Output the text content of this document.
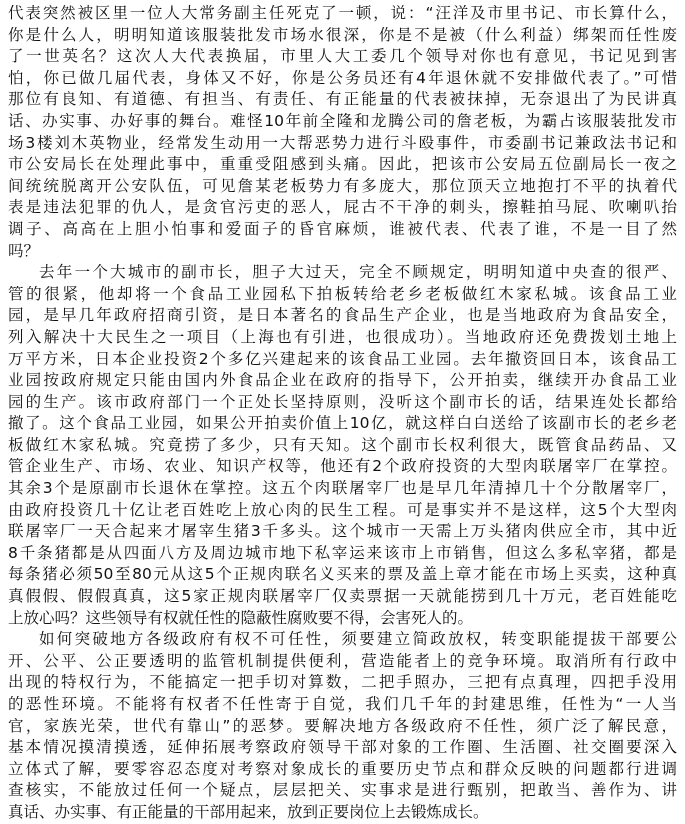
代表突然被区里一位人大常务副主任死克了一顿，说：“汪洋及市里书记、市长算什么，
你是什么人，明明知道该服装批发市场水很深，你是不是被（什么利益）绑架而任性废
了一世英名？这次人大代表换届，市里人大工委几个领导对你也有意见，书记见到害
怕，你已做几届代表，身体又不好，你是公务员还有4年退休就不安排做代表了。”可惜
那位有良知、有道德、有担当、有责任、有正能量的代表被抹掉，无奈退出了为民讲真
话、办实事、办好事的舞台。难怪10年前全隆和龙腾公司的詹老板，为霸占该服装批发市
场3楼刘木英物业，经常发生动用一大帮恶势力进行斗殴事件，市委副书记兼政法书记和
市公安局长在处理此事中，重重受阻感到头痛。因此，把该市公安局五位副局长一夜之
间统统脱离开公安队伍，可见詹某老板势力有多庞大，那位顶天立地抱打不平的执着代
表是违法犯罪的仇人，是贪官污吏的恶人，屁古不干净的刺头，擦鞋拍马屁、吹喇叭抬
调子、高高在上胆小怕事和爱面子的昏官麻烦，谁被代表、代表了谁，不是一目了然
吗？
去年一个大城市的副市长，胆子大过天，完全不顾规定，明明知道中央查的很严、
管的很紧，他却将一个食品工业园私下拍板转给老乡老板做红木家私城。该食品工业
园，是早几年政府招商引资，是日本著名的食品生产企业，也是当地政府为食品安全，
列入解决十大民生之一项目（上海也有引进，也很成功）。当地政府还免费拨划土地上
万平方米，日本企业投资2个多亿兴建起来的该食品工业园。去年撤资回日本，该食品工
业园按政府规定只能由国内外食品企业在政府的指导下，公开拍卖，继续开办食品工业
园的生产。该市政府部门一个正处长坚持原则，没听这个副市长的话，结果连处长都给
撤了。这个食品工业园，如果公开拍卖价值上10亿，就这样白白送给了该副市长的老乡老
板做红木家私城。究竟捞了多少，只有天知。这个副市长权利很大，既管食品药品、又
管企业生产、市场、农业、知识产权等，他还有2个政府投资的大型肉联屠宰厂在掌控。
其余3个是原副市长退休在掌控。这五个肉联屠宰厂也是早几年清掉几十个分散屠宰厂，
由政府投资几十亿让老百姓吃上放心肉的民生工程。可是事实并不是这样，这5个大型肉
联屠宰厂一天合起来才屠宰生猪3千多头。这个城市一天需上万头猪肉供应全市，其中近
8千条猪都是从四面八方及周边城市地下私宰运来该市上市销售，但这么多私宰猪，都是
每条猪必须50至80元从这5个正规肉联名义买来的票及盖上章才能在市场上买卖，这种真
真假假、假假真真，这5家正规肉联屠宰厂仅卖票据一天就能捞到几十万元，老百姓能吃
上放心吗？这些领导有权就任性的隐蔽性腐败要不得，会害死人的。
如何突破地方各级政府有权不可任性，须要建立简政放权，转变职能提拔干部要公
开、公平、公正要透明的监管机制提供便利，营造能者上的竞争环境。取消所有行政中
出现的特权行为，不能搞定一把手切对算数，二把手照办，三把有点真理，四把手没用
的恶性环境。不能将有权者不任性寄于自觉，我们几千年的封建思维，任性为“一人当
官，家族光荣，世代有靠山”的恶梦。要解决地方各级政府不任性，须广泛了解民意，
基本情况摸清摸透，延伸拓展考察政府领导干部对象的工作圈、生活圈、社交圈要深入
立体式了解，要零容忍态度对考察对象成长的重要历史节点和群众反映的问题都行进调
查核实，不能放过任何一个疑点，层层把关、实事求是进行甄别，把敢当、善作为、讲
真话、办实事、有正能量的干部用起来，放到正要岗位上去锻炼成长。
